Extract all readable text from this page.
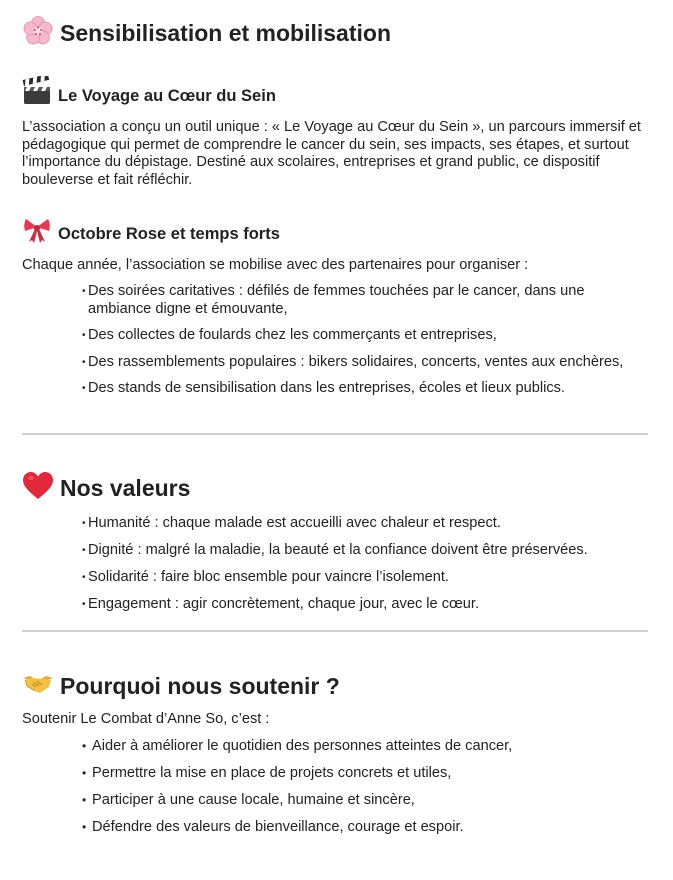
Sensibilisation et mobilisation
Le Voyage au Cœur du Sein
L’association a conçu un outil unique : « Le Voyage au Cœur du Sein », un parcours immersif et pédagogique qui permet de comprendre le cancer du sein, ses impacts, ses étapes, et surtout l’importance du dépistage. Destiné aux scolaires, entreprises et grand public, ce dispositif bouleverse et fait réfléchir.
Octobre Rose et temps forts
Chaque année, l’association se mobilise avec des partenaires pour organiser :
• Des soirées caritatives : défilés de femmes touchées par le cancer, dans une ambiance digne et émouvante,
• Des collectes de foulards chez les commerçants et entreprises,
• Des rassemblements populaires : bikers solidaires, concerts, ventes aux enchères,
• Des stands de sensibilisation dans les entreprises, écoles et lieux publics.
Nos valeurs
• Humanité : chaque malade est accueilli avec chaleur et respect.
• Dignité : malgré la maladie, la beauté et la confiance doivent être préservées.
• Solidarité : faire bloc ensemble pour vaincre l’isolement.
• Engagement : agir concrètement, chaque jour, avec le cœur.
Pourquoi nous soutenir ?
Soutenir Le Combat d’Anne So, c’est :
• Aider à améliorer le quotidien des personnes atteintes de cancer,
• Permettre la mise en place de projets concrets et utiles,
• Participer à une cause locale, humaine et sincère,
• Défendre des valeurs de bienveillance, courage et espoir.
